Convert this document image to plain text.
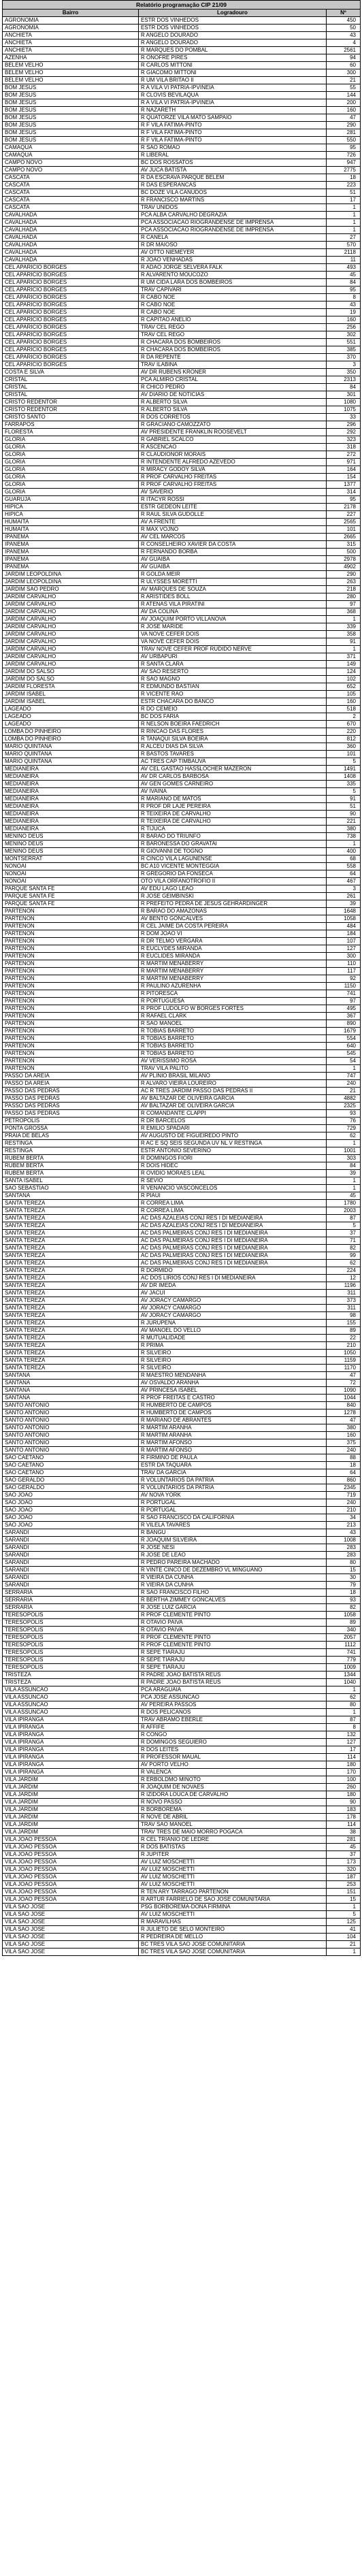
Relatório programação CIP 21/09		
Bairro	Logradouro	Nº
AGRONOMIA	ESTR DOS VINHEDOS	450
AGRONOMIA	ESTR DOS VINHEDOS	50
ANCHIETA	R ANGELO DOURADO	43
ANCHIETA	R ANGELO DOURADO	4
ANCHIETA	R MARQUES DO POMBAL	2561
AZENHA	R ONOFRE PIRES	94
BELEM VELHO	R CARLOS MITTONI	60
BELEM VELHO	R GIACOMO MITTONI	300
BELEM VELHO	R UM VILA BRITAO II	21
BOM JESUS	R A VILA VI PATRIA-IPVINEIA	55
BOM JESUS	R CLOVIS BEVILAQUA	144
BOM JESUS	R A VILA VI PATRIA-IPVINEIA	200
BOM JESUS	R NAZARETH	160
BOM JESUS	R QUATORZE VILA MATO SAMPAIO	47
BOM JESUS	R F VILA FATIMA-PINTO	290
BOM JESUS	R F VILA FATIMA-PINTO	281
BOM JESUS	R F VILA FATIMA-PINTO	550
CAMAQUA	R SAO ROMAO	95
CAMAQUA	R LIBERAL	726
CAMPO NOVO	BC DOS ROSSATOS	947
CAMPO NOVO	AV JUCA BATISTA	2775
CASCATA	R DA ESCRAVA PARQUE BELEM	18
CASCATA	R DAS ESPERANCAS	223
CASCATA	BC DOZE VILA CANUDOS	51
CASCATA	R FRANCISCO MARTINS	17
CASCATA	TRAV UNIDOS	1
CAVALHADA	PCA ALBA CARVALHO DEGRAZIA	1
CAVALHADA	PCA ASSOCIACAO RIOGRANDENSE DE IMPRENSA	1
CAVALHADA	PCA ASSOCIACAO RIOGRANDENSE DE IMPRENSA	1
CAVALHADA	R CANELA	27
CAVALHADA	R DR MAIOSO	570
CAVALHADA	AV OTTO NIEMEYER	2118
CAVALHADA	R JOAO VENHADAS	11
CEL APARICIO BORGES	R ADAO JORGE SELVERA FALK	493
CEL APARICIO BORGES	R ALVARENTO MOUCOZO	45
CEL APARICIO BORGES	R UM CIDA LARA DOS BOMBEIROS	84
CEL APARICIO BORGES	TRAV CAPIVARI	95
CEL APARICIO BORGES	R CABO NOE	8
CEL APARICIO BORGES	R CABO NOE	43
CEL APARICIO BORGES	R CABO NOE	19
CEL APARICIO BORGES	R CAPITAO ANELIO	160
CEL APARICIO BORGES	TRAV CEL REGO	256
CEL APARICIO BORGES	TRAV CEL REGO	302
CEL APARICIO BORGES	R CHACARA DOS BOMBEIROS	551
CEL APARICIO BORGES	R CHACARA DOS BOMBEIROS	385
CEL APARICIO BORGES	R DA REPENTE	370
CEL APARICIO BORGES	TRAV ILABINA	3
COSTA E SILVA	AV DR RUBENS KRONER	350
CRISTAL	PCA ALMIRO CRISTAL	2313
CRISTAL	R CHICO PEDRO	84
CRISTAL	AV DIARIO DE NOTICIAS	301
CRISTO REDENTOR	R ALBERTO SILVA	1080
CRISTO REDENTOR	R ALBERTO SILVA	1075
CRISTO SANTO	R DOS CORRETOS	33
FARRAPOS	R GRACIANO CAMOZZATO	296
FLORESTA	AV PRESIDENTE FRANKLIN ROOSEVELT	292
GLORIA	R GABRIEL SCALCO	323
GLORIA	R ASCENCAO	318
GLORIA	R CLAUDIONOR MORAIS	272
GLORIA	R INTENDENTE ALFREDO AZEVEDO	971
GLORIA	R MIRACY GODOY SILVA	164
GLORIA	R PROF CARVALHO FREITAS	154
GLORIA	R PROF CARVALHO FREITAS	1377
GLORIA	AV SAVERIO	314
GUARUJA	R ITACYR ROSSI	95
HIPICA	ESTR GEDEON LEITE	2178
HIPICA	R RAUL SILVA GUDOLLE	227
HUMAITA	AV A FRENTE	2565
HUMAITA	R MAX VOJNO	101
IPANEMA	AV CEL MARCOS	2665
IPANEMA	R CONSELHEIRO XAVIER DA COSTA	315
IPANEMA	R FERNANDO BORBA	500
IPANEMA	AV GUAIBA	2978
IPANEMA	AV GUAIBA	4902
JARDIM LEOPOLDINA	R GOLDA MEIR	290
JARDIM LEOPOLDINA	R ULYSSES MORETTI	263
JARDIM SAO PEDRO	AV MARQUES DE SOUZA	218
JARDIM CARVALHO	R ARISTIDES BOLL	280
JARDIM CARVALHO	R ATENAS VILA PIRATINI	97
JARDIM CARVALHO	AV DA COLINA	368
JARDIM CARVALHO	AV JOAQUIM PORTO VILLANOVA	1
JARDIM CARVALHO	R JOSE MARIDE	339
JARDIM CARVALHO	VA NOVE CEFER DOIS	358
JARDIM CARVALHO	VA NOVE CEFER DOIS	91
JARDIM CARVALHO	TRAV NOVE CEFER PROF RUDIDO NERVE	1
JARDIM CARVALHO	AV URBAPURI	371
JARDIM CARVALHO	R SANTA CLARA	149
JARDIM DO SALSO	AV SAO RESERTO	124
JARDIM DO SALSO	R SAO MAGNO	102
JARDIM FLORESTA	R EDMUNDO BASTIAN	652
JARDIM ISABEL	R VICENTE RAO	105
JARDIM ISABEL	ESTR CHACARA DO BANCO	160
LAGEADO	R DO CEMEIO	518
LAGEADO	BC DOS FARIA	2
LAGEADO	R NELSON BOEIRA FAEDRICH	670
LOMBA DO PINHEIRO	R RINCAO DAS FLORES	220
LOMBA DO PINHEIRO	R TANAQUI SILVA BOEIRA	812
MARIO QUINTANA	R ALCEU DIAS DA SILVA	360
MARIO QUINTANA	R BASTOS TAVARES	101
MARIO QUINTANA	AC TRES CAP TIMBAUVA	5
MEDIANEIRA	AV CEL GASTAO HASSLOCHER MAZERON	1491
MEDIANEIRA	AV DR CARLOS BARBOSA	1408
MEDIANEIRA	AV GEN GOMES CARNEIRO	335
MEDIANEIRA	AV IVAINA	5
MEDIANEIRA	R MARIANO DE MATOS	91
MEDIANEIRA	R PROF DR LAJE PEREIRA	51
MEDIANEIRA	R TEIXEIRA DE CARVALHO	90
MEDIANEIRA	R TEIXEIRA DE CARVALHO	221
MEDIANEIRA	R TIJUCA	380
MENINO DEUS	R BARAO DO TRIUNFO	738
MENINO DEUS	R BARONESSA DO GRAVATAI	1
MENINO DEUS	R GIOVANNI DE TOGNO	400
MONTSERRAT	R CINCO VILA LAGUNENSE	68
NONOAI	BC A10 VICENTE MONTEGGIA	558
NONOAI	R GREGORIO DA FONSECA	64
NONOAI	OTO VILA ORFANOTROFIO II	467
PARQUE SANTA FE	AV EDU LAGO LEAO	3
PARQUE SANTA FE	R JOSE GEIMBINSKI	261
PARQUE SANTA FE	R PREFEITO PEDRA DE JESUS GEHRARDINGER	39
PARTENON	R BARAO DO AMAZONAS	1648
PARTENON	AV BENTO GONCALVES	1058
PARTENON	R CEL JAIME DA COSTA PEREIRA	484
PARTENON	R DOM JOAO VI	184
PARTENON	R DR TELMO VERGARA	107
PARTENON	R EUCLYDES MIRANDA	127
PARTENON	R EUCLIDES MIRANDA	300
PARTENON	R MARTIM MENABERRY	110
PARTENON	R MARTIM MENABERRY	117
PARTENON	R MARTIM MENABERRY	92
PARTENON	R PAULINO AZURENHA	1150
PARTENON	R PITORESCA	741
PARTENON	R PORTUGUESA	97
PARTENON	R PROF LUDOLFO W BORGES FORTES	495
PARTENON	R RAFAEL CLARK	367
PARTENON	R SAO MANOEL	890
PARTENON	R TOBIAS BARRETO	1679
PARTENON	R TOBIAS BARRETO	554
PARTENON	R TOBIAS BARRETO	640
PARTENON	R TOBIAS BARRETO	545
PARTENON	AV VERISSIMO ROSA	54
PARTENON	TRAV VILA PALITO	1
PASSO DA AREIA	AV PLINIO BRASIL MILANO	747
PASSO DA AREIA	R ALVARO VIEIRA LOUREIRO	240
PASSO DAS PEDRAS	AC R TRES JARDIM PASSO DAS PEDRAS II	21
PASSO DAS PEDRAS	AV BALTAZAR DE OLIVEIRA GARCIA	4882
PASSO DAS PEDRAS	AV BALTAZAR DE OLIVEIRA GARCIA	2325
PASSO DAS PEDRAS	R COMANDANTE CLAPPI	93
PETROPOLIS	R DR BARCELOS	76
PONTA GROSSA	R EMILIO SPADARI	729
PRAIA DE BELAS	AV AUGUSTO DE FIGUEIREDO PINTO	62
RESTINGA	R AC E SQ SEIS SEGUNDA UV NL V RESTINGA	1
RESTINGA	ESTR ANTONIO SEVERINO	1001
RUBEM BERTA	R DOMINGOS FIORI	303
RUBEM BERTA	R DOIS HIDEC	84
RUBEM BERTA	R OVIDIO MORAES LEAL	39
SANTA ISABEL	R SEVIO	1
SAO SEBASTIAO	R VENANCIO VASCONCELOS	1
SANTANA	R PIAUI	45
SANTA TEREZA	R CORREA LIMA	1780
SANTA TEREZA	R CORREA LIMA	2003
SANTA TEREZA	AC DAS AZALEIAS CONJ RES I DI MEDIANEIRA	87
SANTA TEREZA	AC DAS AZALEIAS CONJ RES I DI MEDIANEIRA	5
SANTA TEREZA	AC DAS PALMEIRAS CONJ RES I DI MEDIANEIRA	37
SANTA TEREZA	AC DAS PALMEIRAS CONJ RES I DI MEDIANEIRA	71
SANTA TEREZA	AC DAS PALMEIRAS CONJ RES I DI MEDIANEIRA	82
SANTA TEREZA	AC DAS PALMEIRAS CONJ RES I DI MEDIANEIRA	99
SANTA TEREZA	AC DAS PALMEIRAS CONJ RES I DI MEDIANEIRA	62
SANTA TEREZA	R DORMIDO	224
SANTA TEREZA	AC DOS LIRIOS CONJ RES I DI MEDIANEIRA	12
SANTA TEREZA	AV DR IMEDA	1196
SANTA TEREZA	AV JACUI	311
SANTA TEREZA	AV JORACY CAMARGO	373
SANTA TEREZA	AV JORACY CAMARGO	311
SANTA TEREZA	AV JORACY CAMARGO	98
SANTA TEREZA	R JURUPENA	155
SANTA TEREZA	AV MANOEL DO VELLO	89
SANTA TEREZA	R MUTUALIDADE	22
SANTA TEREZA	R PRIMA	210
SANTA TEREZA	R SILVEIRO	1050
SANTA TEREZA	R SILVEIRO	1159
SANTA TEREZA	R SILVEIRO	1170
SANTANA	R MAESTRO MENDANHA	47
SANTANA	AV OSVALDO ARANHA	72
SANTANA	AV PRINCESA ISABEL	1090
SANTANA	R PROF FREITAS E CASTRO	1044
SANTO ANTONIO	R HUMBERTO DE CAMPOS	840
SANTO ANTONIO	R HUMBERTO DE CAMPOS	1278
SANTO ANTONIO	R MARIANO DE ABRANTES	47
SANTO ANTONIO	R MARTIM ARANHA	380
SANTO ANTONIO	R MARTIM ARANHA	160
SANTO ANTONIO	R MARTIM AFONSO	375
SANTO ANTONIO	R MARTIM AFONSO	240
SAO CAETANO	R FIRMINO DE PAULA	88
SAO CAETANO	ESTR DA TAQUARA	18
SAO CAETANO	TRAV DA GARCIA	64
SAO GERALDO	R VOLUNTARIOS DA PATRIA	860
SAO GERALDO	R VOLUNTARIOS DA PATRIA	2345
SAO JOAO	AV NOVA YORK	719
SAO JOAO	R PORTUGAL	240
SAO JOAO	R PORTUGAL	210
SAO JOAO	R SAO FRANCISCO DA CALIFORNIA	34
SAO JOAO	R VILELA TAVARES	213
SARANDI	R BANGU	43
SARANDI	R JOAQUIM SILVEIRA	1008
SARANDI	R JOSE NESI	283
SARANDI	R JOSE DE LEAO	283
SARANDI	R PEDRO PAREIRA MACHADO	80
SARANDI	R VINTE CINCO DE DEZEMBRO VL MINGUANO	15
SARANDI	R VIEIRA DA CUNHA	30
SARANDI	R VIEIRA DA CUNHA	79
SERRARIA	R SAO FRANCISCO FILHO	18
SERRARIA	R BERTHA ZIMMEY GONCALVES	93
SERRARIA	R JOSE LUIZ GARCIA	82
TERESOPOLIS	R PROF CLEMENTE PINTO	1058
TERESOPOLIS	R OTAVIO PAIVA	89
TERESOPOLIS	R OTAVIO PAIVA	340
TERESOPOLIS	R PROF CLEMENTE PINTO	2057
TERESOPOLIS	R PROF CLEMENTE PINTO	1112
TERESOPOLIS	R SEPE TIARAJU	741
TERESOPOLIS	R SEPE TIARAJU	779
TERESOPOLIS	R SEPE TIARAJU	1009
TRISTEZA	R PADRE JOAO BATISTA REUS	1344
TRISTEZA	R PADRE JOAO BATISTA REUS	1040
VILA ASSUNCAO	PCA ARAGUAIA	1
VILA ASSUNCAO	PCA JOSE ASSUNCAO	62
VILA ASSUNCAO	AV PEREIRA PASSOS	80
VILA ASSUNCAO	R DOS PELICANOS	1
VILA IPIRANGA	TRAV ABRAMO EBERLE	87
VILA IPIRANGA	R AFFIFE	8
VILA IPIRANGA	R CONGO	132
VILA IPIRANGA	R DOMINGOS SEGUIERO	127
VILA IPIRANGA	R DOS LEITES	17
VILA IPIRANGA	R PROFESSOR MAUAL	114
VILA IPIRANGA	AV PORTO VELHO	180
VILA IPIRANGA	R VALENCA	170
VILA JARDIM	R ERBOLDMO MINOTO	100
VILA JARDIM	R JOAQUIM DE NOVAES	260
VILA JARDIM	R IZIDORA LOUCA DE CARVALHO	180
VILA JARDIM	R NOVO PASSO	90
VILA JARDIM	R BORBOREMA	183
VILA JARDIM	R NOVE DE ABRIL	178
VILA JARDIM	TRAV SAO MANOEL	114
VILA JARDIM	TRAV TRES DE MAIO MORRO POGACA	38
VILA JOAO PESSOA	R CEL TRIANIO DE LEDRE	281
VILA JOAO PESSOA	R DOS BATISTAS	45
VILA JOAO PESSOA	R JUPITER	37
VILA JOAO PESSOA	AV LUIZ MOSCHETTI	173
VILA JOAO PESSOA	AV LUIZ MOSCHETTI	320
VILA JOAO PESSOA	AV LUIZ MOSCHETTI	187
VILA JOAO PESSOA	AV LUIZ MOSCHETTI	253
VILA JOAO PESSOA	R TEN ARY TARRAGO PARTENON	151
VILA JOAO PESSOA	R ARTUR FARRIELO DE SAO JOSE COMUNITARIA	15
VILA SAO JOSE	PSG BORBOREMA-DONA FIRMINA	1
VILA SAO JOSE	AV LUIZ MOSCHETTI	5
VILA SAO JOSE	R MARAVILHAS	125
VILA SAO JOSE	R JULIETO DE SELO MONTEIRO	41
VILA SAO JOSE	R PEDREIRA DE MELLO	104
VILA SAO JOSE	BC TRES VILA SAO JOSE COMUNITARIA	21
VILA SAO JOSE	BC TRES VILA SAO JOSE COMUNITARIA	1
